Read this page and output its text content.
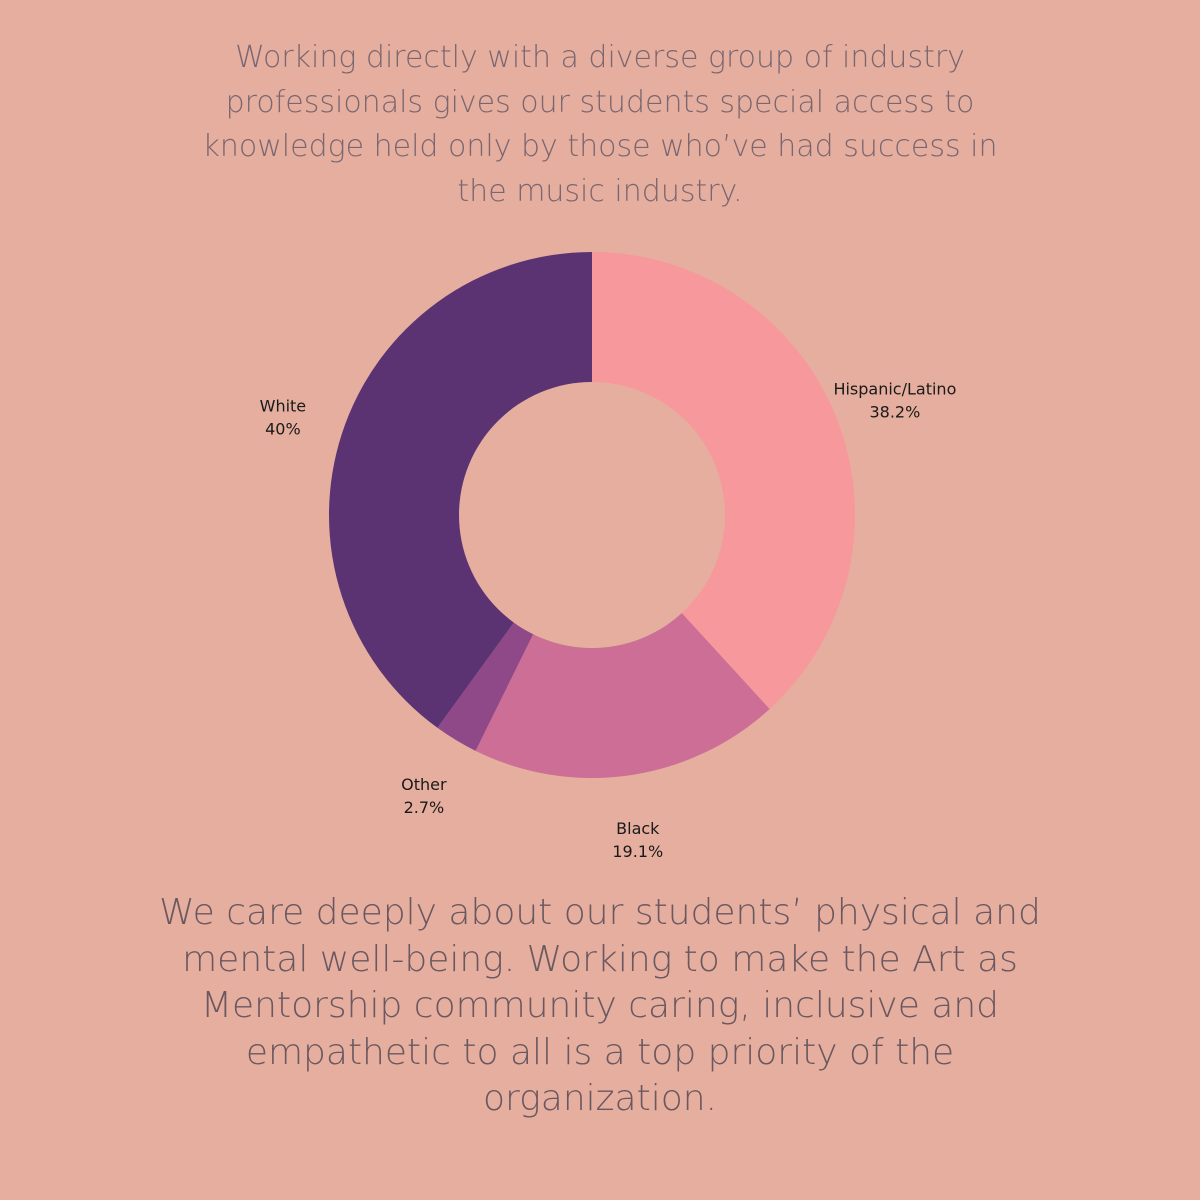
Working directly with a diverse group of industry professionals gives our students special access to knowledge held only by those who’ve had success in the music industry.

Hispanic/Latino 38.2%
Black 19.1%
Other 2.7%
White 40%

We care deeply about our students’ physical and mental well-being. Working to make the Art as Mentorship community caring, inclusive and empathetic to all is a top priority of the organization.
